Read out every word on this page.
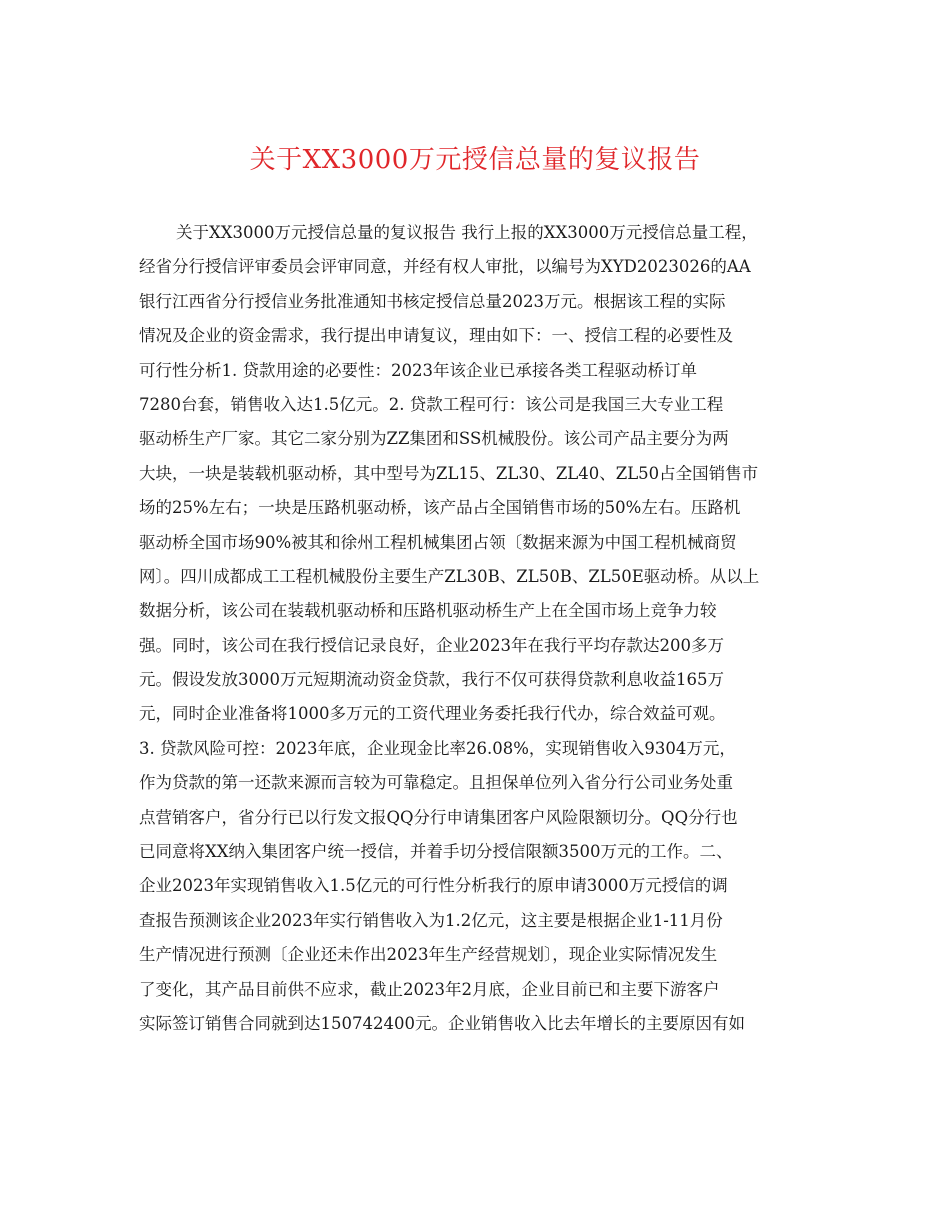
关于XX3000万元授信总量的复议报告
关于XX3000万元授信总量的复议报告 我行上报的XX3000万元授信总量工程，
经省分行授信评审委员会评审同意，并经有权人审批，以编号为XYD2023026的AA
银行江西省分行授信业务批准通知书核定授信总量2023万元。根据该工程的实际
情况及企业的资金需求，我行提出申请复议，理由如下：一、授信工程的必要性及
可行性分析1. 贷款用途的必要性：2023年该企业已承接各类工程驱动桥订单
7280台套，销售收入达1.5亿元。2. 贷款工程可行：该公司是我国三大专业工程
驱动桥生产厂家。其它二家分别为ZZ集团和SS机械股份。该公司产品主要分为两
大块，一块是装载机驱动桥，其中型号为ZL15、ZL30、ZL40、ZL50占全国销售市
场的25%左右；一块是压路机驱动桥，该产品占全国销售市场的50%左右。压路机
驱动桥全国市场90%被其和徐州工程机械集团占领〔数据来源为中国工程机械商贸
网〕。四川成都成工工程机械股份主要生产ZL30B、ZL50B、ZL50E驱动桥。从以上
数据分析，该公司在装载机驱动桥和压路机驱动桥生产上在全国市场上竞争力较
强。同时，该公司在我行授信记录良好，企业2023年在我行平均存款达200多万
元。假设发放3000万元短期流动资金贷款，我行不仅可获得贷款利息收益165万
元，同时企业准备将1000多万元的工资代理业务委托我行代办，综合效益可观。
3. 贷款风险可控：2023年底，企业现金比率26.08%，实现销售收入9304万元，
作为贷款的第一还款来源而言较为可靠稳定。且担保单位列入省分行公司业务处重
点营销客户，省分行已以行发文报QQ分行申请集团客户风险限额切分。QQ分行也
已同意将XX纳入集团客户统一授信，并着手切分授信限额3500万元的工作。二、
企业2023年实现销售收入1.5亿元的可行性分析我行的原申请3000万元授信的调
查报告预测该企业2023年实行销售收入为1.2亿元，这主要是根据企业1-11月份
生产情况进行预测〔企业还未作出2023年生产经营规划〕，现企业实际情况发生
了变化，其产品目前供不应求，截止2023年2月底，企业目前已和主要下游客户
实际签订销售合同就到达150742400元。企业销售收入比去年增长的主要原因有如
